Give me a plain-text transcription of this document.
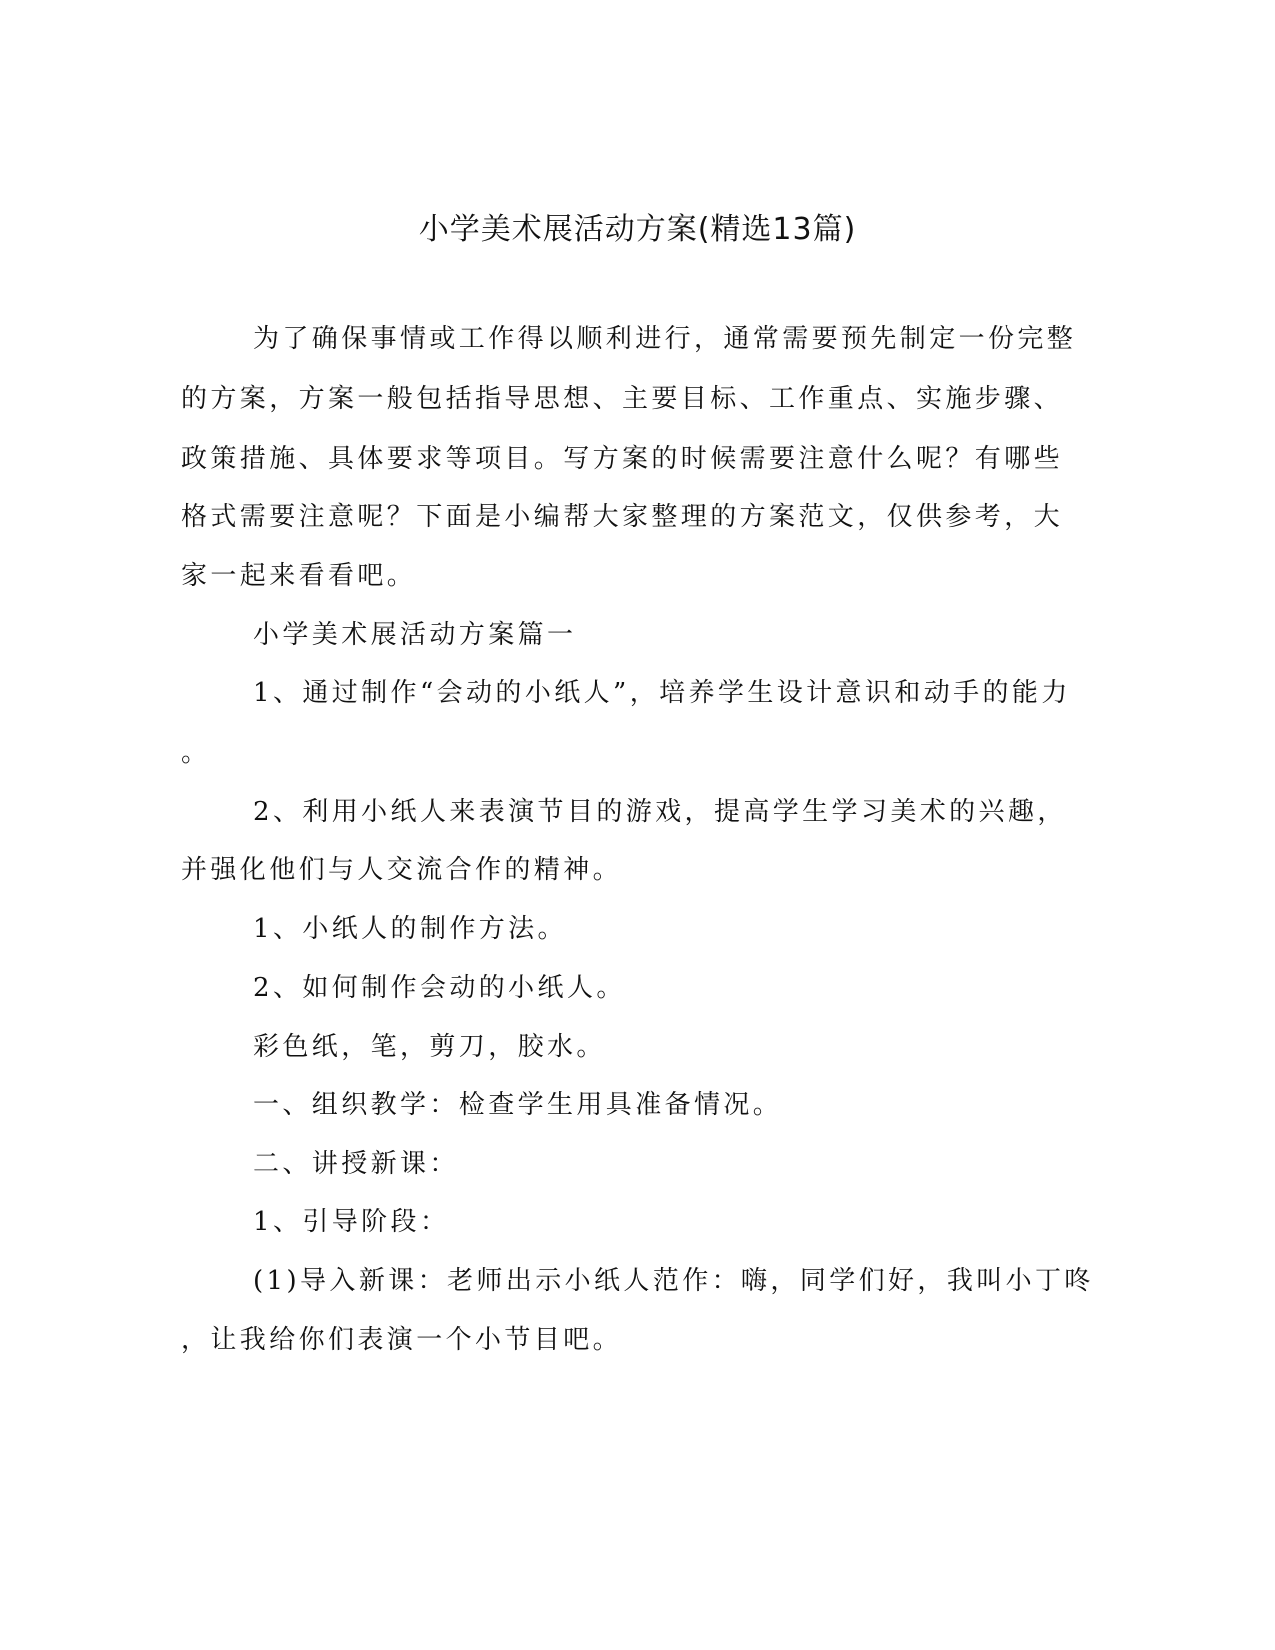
小学美术展活动方案(精选13篇)
为了确保事情或工作得以顺利进行，通常需要预先制定一份完整
的方案，方案一般包括指导思想、主要目标、工作重点、实施步骤、
政策措施、具体要求等项目。写方案的时候需要注意什么呢？有哪些
格式需要注意呢？下面是小编帮大家整理的方案范文，仅供参考，大
家一起来看看吧。
小学美术展活动方案篇一
1、通过制作“会动的小纸人”，培养学生设计意识和动手的能力
。
2、利用小纸人来表演节目的游戏，提高学生学习美术的兴趣，
并强化他们与人交流合作的精神。
1、小纸人的制作方法。
2、如何制作会动的小纸人。
彩色纸，笔，剪刀，胶水。
一、组织教学：检查学生用具准备情况。
二、讲授新课：
1、引导阶段：
(1)导入新课：老师出示小纸人范作：嗨，同学们好，我叫小丁咚
，让我给你们表演一个小节目吧。
